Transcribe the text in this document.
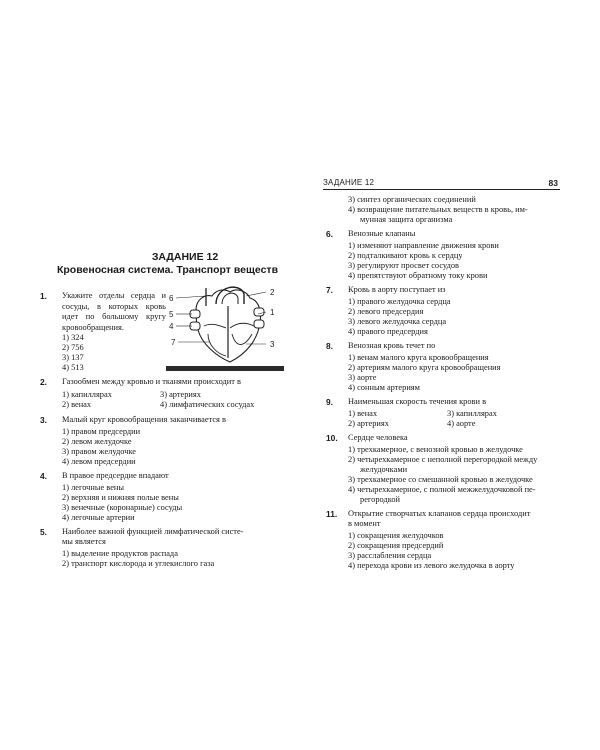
ЗАДАНИЕ 12	83
ЗАДАНИЕ 12
Кровеносная система. Транспорт веществ
1. Укажите отделы сердца и сосуды, в которых кровь идет по большому кругу кровообращения.
1) 324
2) 756
3) 137
4) 513
2
1
3
6
5
4
7
2. Газообмен между кровью и тканями происходит в
1) капиллярах	3) артериях
2) венах	4) лимфатических сосудах
3. Малый круг кровообращения заканчивается в
1) правом предсердии
2) левом желудочке
3) правом желудочке
4) левом предсердии
4. В правое предсердие впадают
1) легочные вены
2) верхняя и нижняя полые вены
3) венечные (коронарные) сосуды
4) легочные артерии
5. Наиболее важной функцией лимфатической систе-
мы является
1) выделение продуктов распада
2) транспорт кислорода и углекислого газа
3) синтез органических соединений
4) возвращение питательных веществ в кровь, им-
мунная защита организма
6. Венозные клапаны
1) изменяют направление движения крови
2) подталкивают кровь к сердцу
3) регулируют просвет сосудов
4) препятствуют обратному току крови
7. Кровь в аорту поступает из
1) правого желудочка сердца
2) левого предсердия
3) левого желудочка сердца
4) правого предсердия
8. Венозная кровь течет по
1) венам малого круга кровообращения
2) артериям малого круга кровообращения
3) аорте
4) сонным артериям
9. Наименьшая скорость течения крови в
1) венах	3) капиллярах
2) артериях	4) аорте
10. Сердце человека
1) трехкамерное, с венозной кровью в желудочке
2) четырехкамерное с неполной перегородкой между
желудочками
3) трехкамерное со смешанной кровью в желудочке
4) четырехкамерное, с полной межжелудочковой пе-
регородкой
11. Открытие створчатых клапанов сердца происходит
в момент
1) сокращения желудочков
2) сокращения предсердий
3) расслабления сердца
4) перехода крови из левого желудочка в аорту
